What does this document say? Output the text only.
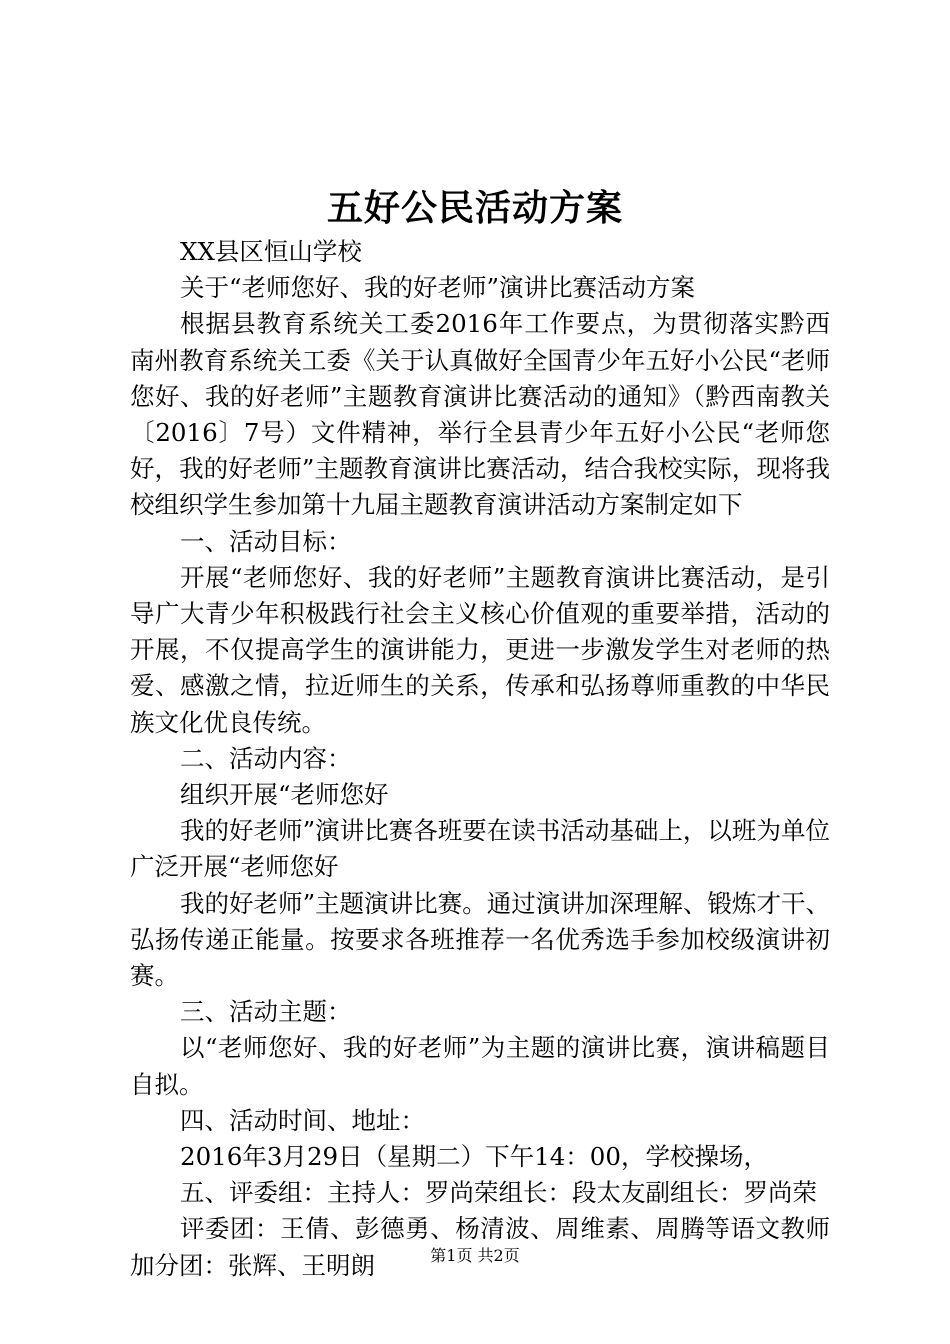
五好公民活动方案

XX县区恒山学校

关于“老师您好、我的好老师”演讲比赛活动方案

根据县教育系统关工委2016年工作要点，为贯彻落实黔西南州教育系统关工委《关于认真做好全国青少年五好小公民“老师您好、我的好老师”主题教育演讲比赛活动的通知》（黔西南教关〔2016〕7号）文件精神，举行全县青少年五好小公民“老师您好，我的好老师”主题教育演讲比赛活动，结合我校实际，现将我校组织学生参加第十九届主题教育演讲活动方案制定如下

一、活动目标：

开展“老师您好、我的好老师”主题教育演讲比赛活动，是引导广大青少年积极践行社会主义核心价值观的重要举措，活动的开展，不仅提高学生的演讲能力，更进一步激发学生对老师的热爱、感激之情，拉近师生的关系，传承和弘扬尊师重教的中华民族文化优良传统。

二、活动内容：

组织开展“老师您好

我的好老师”演讲比赛各班要在读书活动基础上，以班为单位广泛开展“老师您好

我的好老师”主题演讲比赛。通过演讲加深理解、锻炼才干、弘扬传递正能量。按要求各班推荐一名优秀选手参加校级演讲初赛。

三、活动主题：

以“老师您好、我的好老师”为主题的演讲比赛，演讲稿题目自拟。

四、活动时间、地址：

2016年3月29日（星期二）下午14：00，学校操场，

五、评委组：主持人：罗尚荣组长：段太友副组长：罗尚荣

评委团：王倩、彭德勇、杨清波、周维素、周腾等语文教师加分团：张辉、王明朗	第1页 共2页
